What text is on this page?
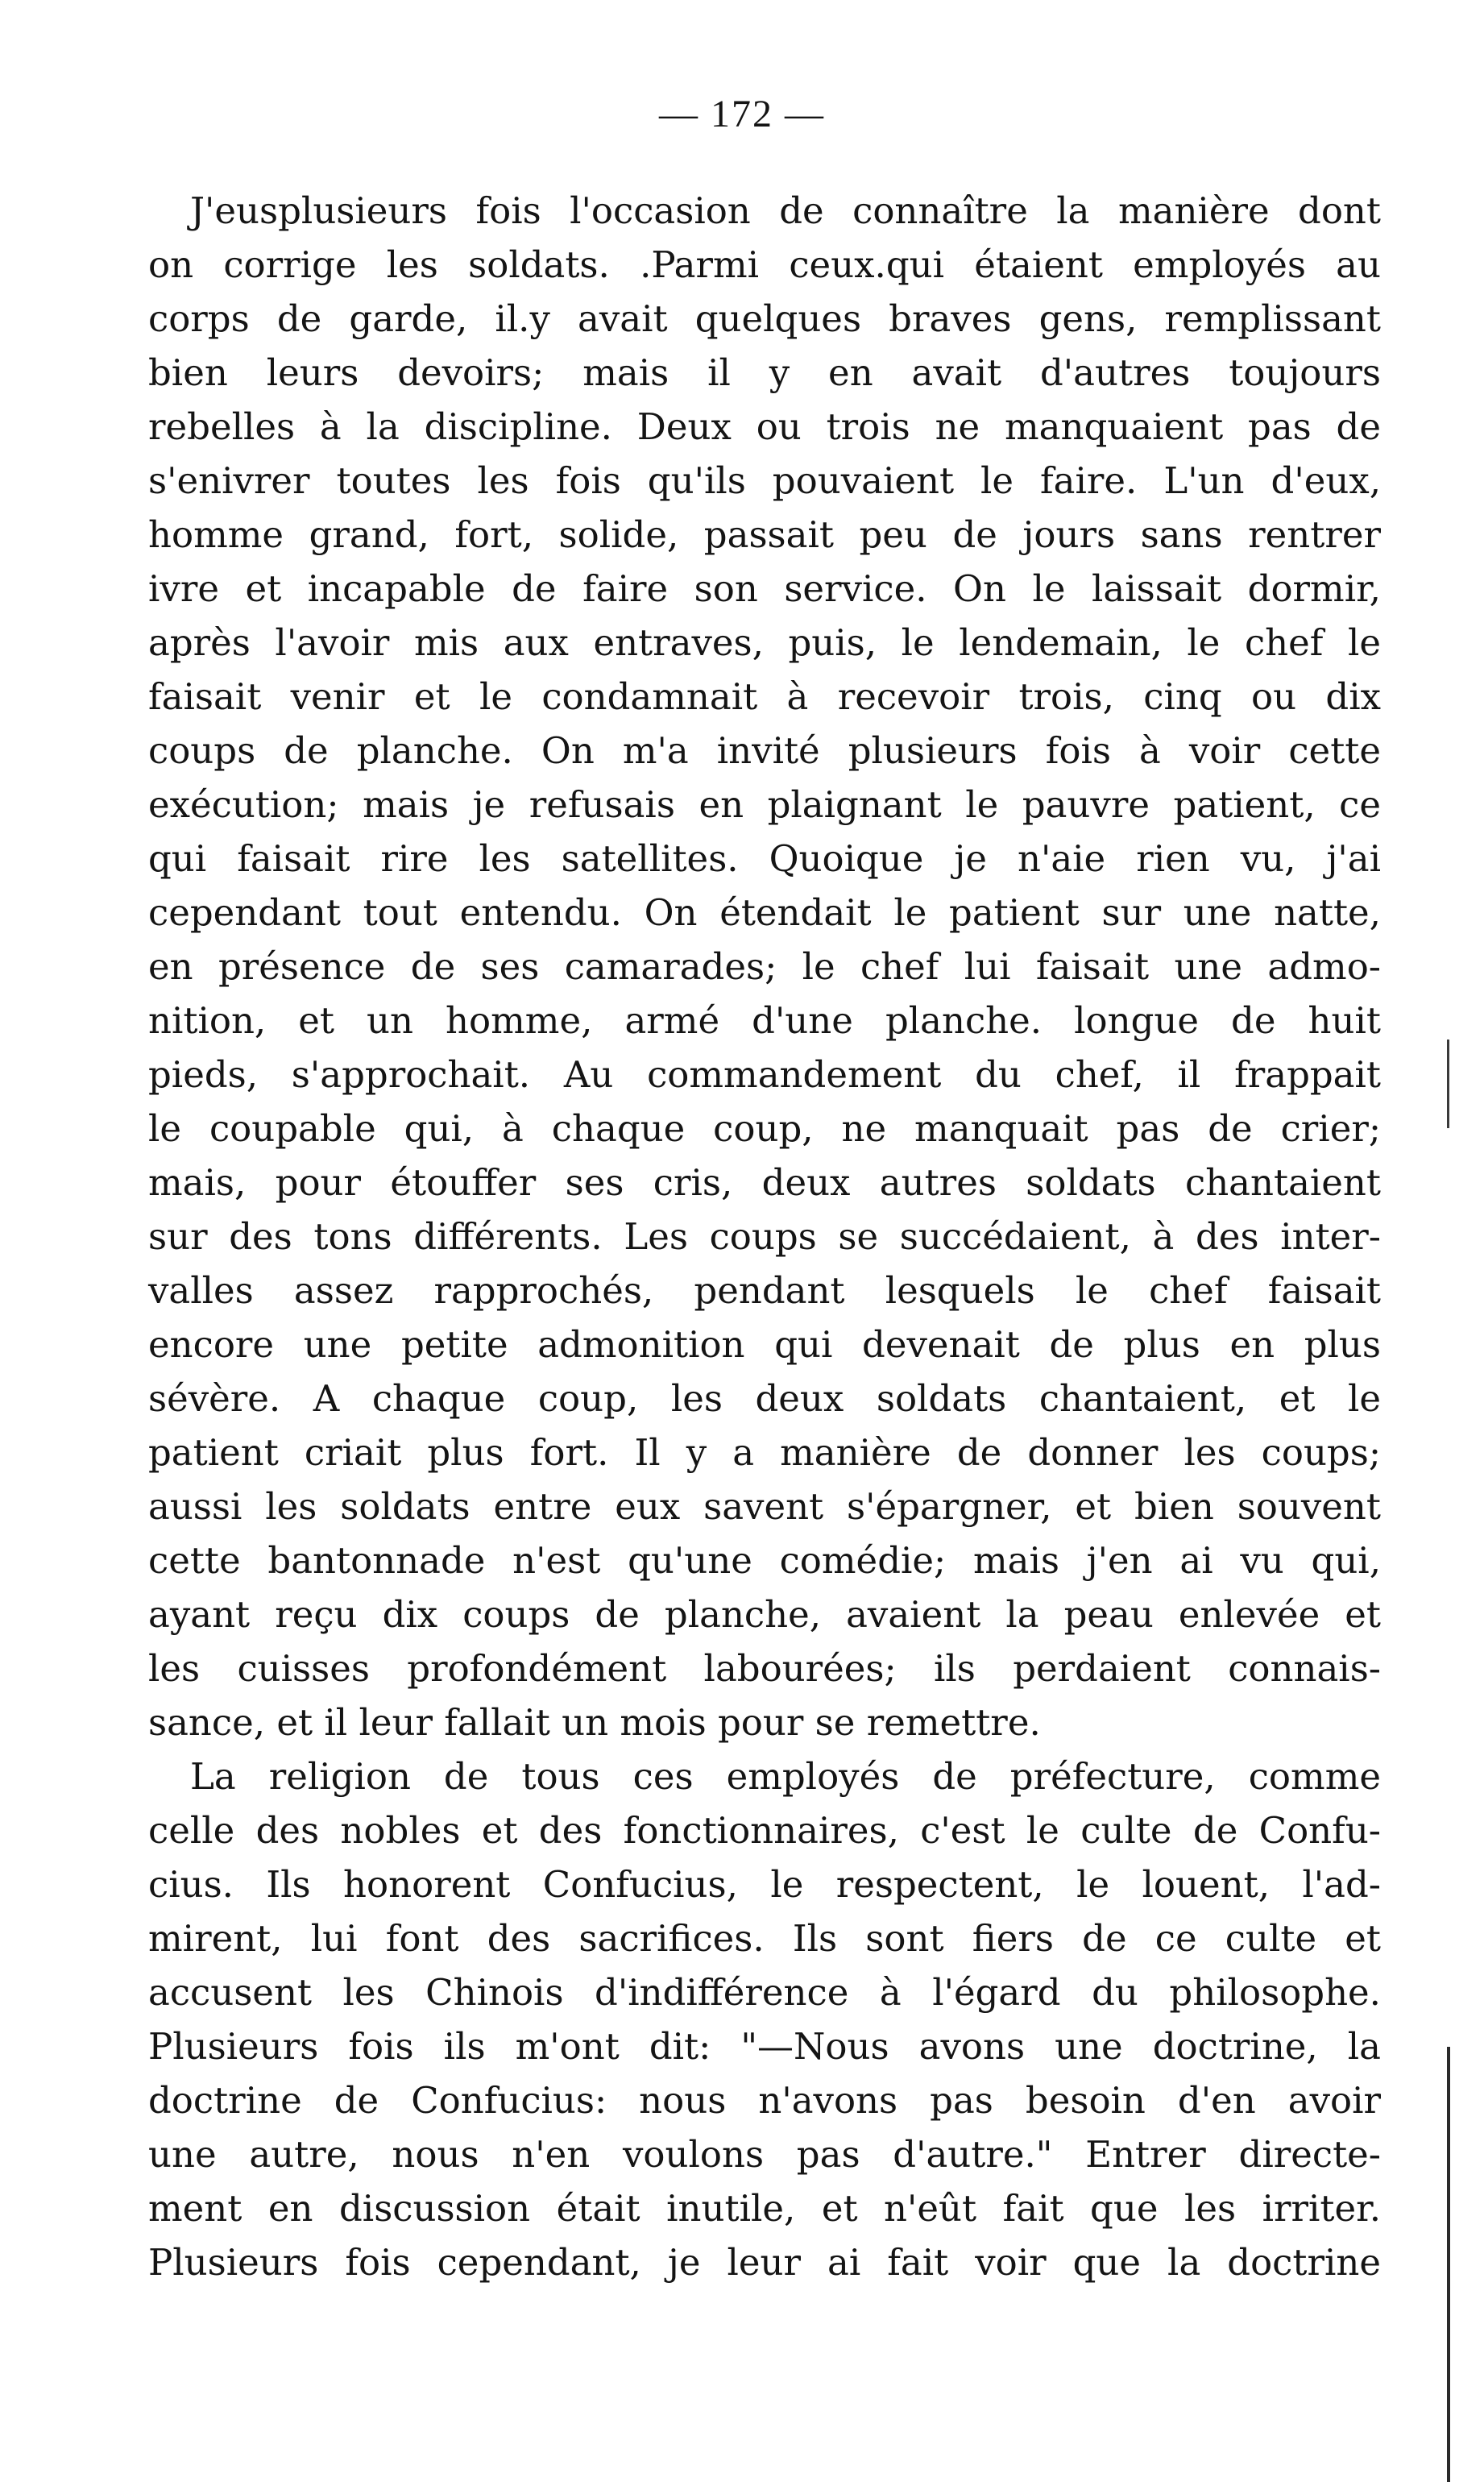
— 172 —
J'eusplusieurs fois l'occasion de connaître la manière dont
on corrige les soldats. .Parmi ceux.qui étaient employés au
corps de garde, il.y avait quelques braves gens, remplissant
bien leurs devoirs; mais il y en avait d'autres toujours
rebelles à la discipline. Deux ou trois ne manquaient pas de
s'enivrer toutes les fois qu'ils pouvaient le faire. L'un d'eux,
homme grand, fort, solide, passait peu de jours sans rentrer
ivre et incapable de faire son service. On le laissait dormir,
après l'avoir mis aux entraves, puis, le lendemain, le chef le
faisait venir et le condamnait à recevoir trois, cinq ou dix
coups de planche. On m'a invité plusieurs fois à voir cette
exécution; mais je refusais en plaignant le pauvre patient, ce
qui faisait rire les satellites. Quoique je n'aie rien vu, j'ai
cependant tout entendu. On étendait le patient sur une natte,
en présence de ses camarades; le chef lui faisait une admo-
nition, et un homme, armé d'une planche. longue de huit
pieds, s'approchait. Au commandement du chef, il frappait
le coupable qui, à chaque coup, ne manquait pas de crier;
mais, pour étouffer ses cris, deux autres soldats chantaient
sur des tons différents. Les coups se succédaient, à des inter-
valles assez rapprochés, pendant lesquels le chef faisait
encore une petite admonition qui devenait de plus en plus
sévère. A chaque coup, les deux soldats chantaient, et le
patient criait plus fort. Il y a manière de donner les coups;
aussi les soldats entre eux savent s'épargner, et bien souvent
cette bantonnade n'est qu'une comédie; mais j'en ai vu qui,
ayant reçu dix coups de planche, avaient la peau enlevée et
les cuisses profondément labourées; ils perdaient connais-
sance, et il leur fallait un mois pour se remettre.
La religion de tous ces employés de préfecture, comme
celle des nobles et des fonctionnaires, c'est le culte de Confu-
cius. Ils honorent Confucius, le respectent, le louent, l'ad-
mirent, lui font des sacrifices. Ils sont fiers de ce culte et
accusent les Chinois d'indifférence à l'égard du philosophe.
Plusieurs fois ils m'ont dit: "—Nous avons une doctrine, la
doctrine de Confucius: nous n'avons pas besoin d'en avoir
une autre, nous n'en voulons pas d'autre." Entrer directe-
ment en discussion était inutile, et n'eût fait que les irriter.
Plusieurs fois cependant, je leur ai fait voir que la doctrine
